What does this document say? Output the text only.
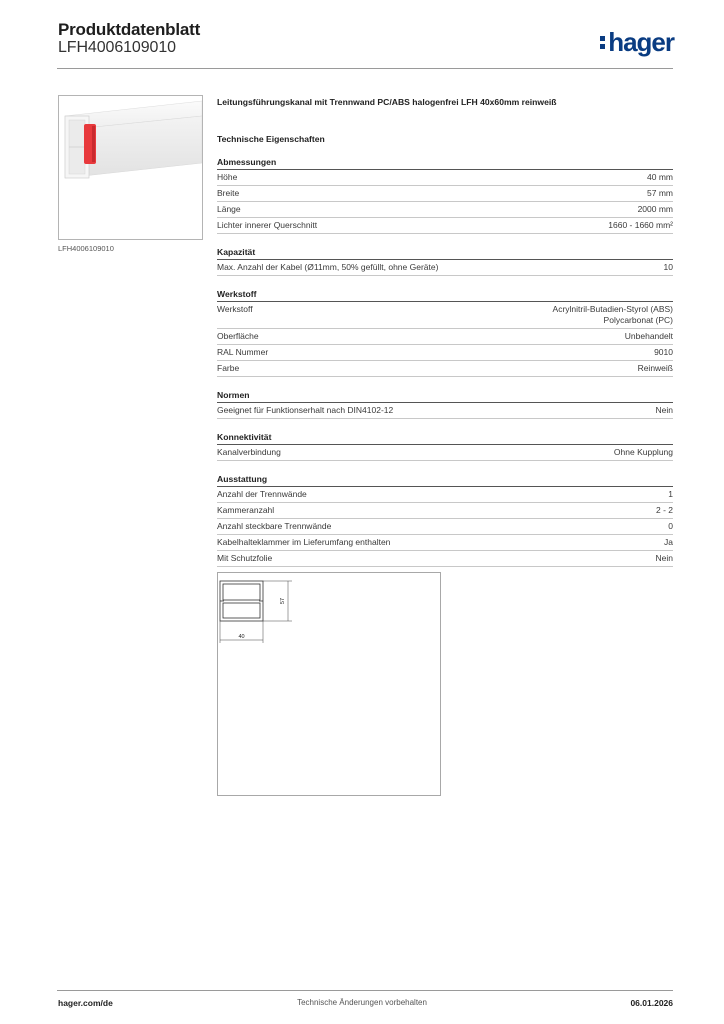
Produktdatenblatt
LFH4006109010	hager
LFH4006109010
Leitungsführungskanal mit Trennwand PC/ABS halogenfrei LFH 40x60mm reinweiß
Technische Eigenschaften
Abmessungen
Höhe	40 mm
Breite	57 mm
Länge	2000 mm
Lichter innerer Querschnitt	1660 - 1660 mm²
Kapazität
Max. Anzahl der Kabel (Ø11mm, 50% gefüllt, ohne Geräte)	10
Werkstoff
Werkstoff	Acrylnitril-Butadien-Styrol (ABS)
Polycarbonat (PC)
Oberfläche	Unbehandelt
RAL Nummer	9010
Farbe	Reinweiß
Normen
Geeignet für Funktionserhalt nach DIN4102-12	Nein
Konnektivität
Kanalverbindung	Ohne Kupplung
Ausstattung
Anzahl der Trennwände	1
Kammeranzahl	2 - 2
Anzahl steckbare Trennwände	0
Kabelhalteklammer im Lieferumfang enthalten	Ja
Mit Schutzfolie	Nein
57
40
hager.com/de	Technische Änderungen vorbehalten	06.01.2026
